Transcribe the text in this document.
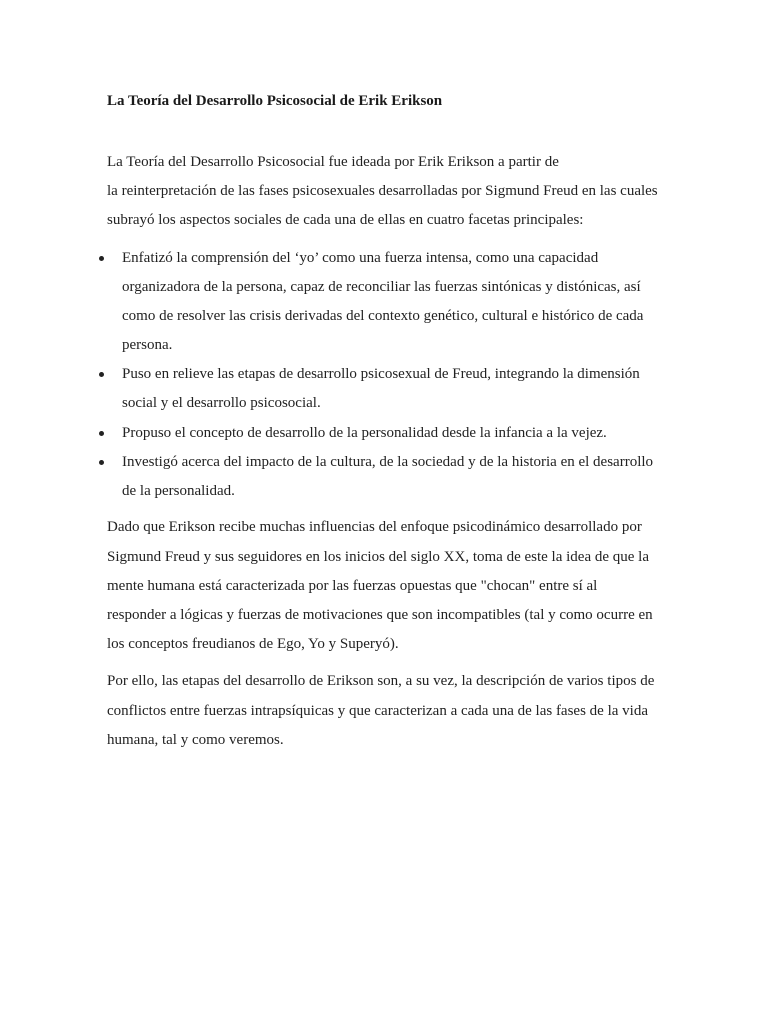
La Teoría del Desarrollo Psicosocial de Erik Erikson

La Teoría del Desarrollo Psicosocial fue ideada por Erik Erikson a partir de

la reinterpretación de las fases psicosexuales desarrolladas por Sigmund Freud en las cuales

subrayó los aspectos sociales de cada una de ellas en cuatro facetas principales:

Enfatizó la comprensión del ‘yo’ como una fuerza intensa, como una capacidad

organizadora de la persona, capaz de reconciliar las fuerzas sintónicas y distónicas, así

como de resolver las crisis derivadas del contexto genético, cultural e histórico de cada

persona.

Puso en relieve las etapas de desarrollo psicosexual de Freud, integrando la dimensión

social y el desarrollo psicosocial.

Propuso el concepto de desarrollo de la personalidad desde la infancia a la vejez.

Investigó acerca del impacto de la cultura, de la sociedad y de la historia en el desarrollo

de la personalidad.

Dado que Erikson recibe muchas influencias del enfoque psicodinámico desarrollado por

Sigmund Freud y sus seguidores en los inicios del siglo XX, toma de este la idea de que la

mente humana está caracterizada por las fuerzas opuestas que "chocan" entre sí al

responder a lógicas y fuerzas de motivaciones que son incompatibles (tal y como ocurre en

los conceptos freudianos de Ego, Yo y Superyó).

Por ello, las etapas del desarrollo de Erikson son, a su vez, la descripción de varios tipos de

conflictos entre fuerzas intrapsíquicas y que caracterizan a cada una de las fases de la vida

humana, tal y como veremos.
